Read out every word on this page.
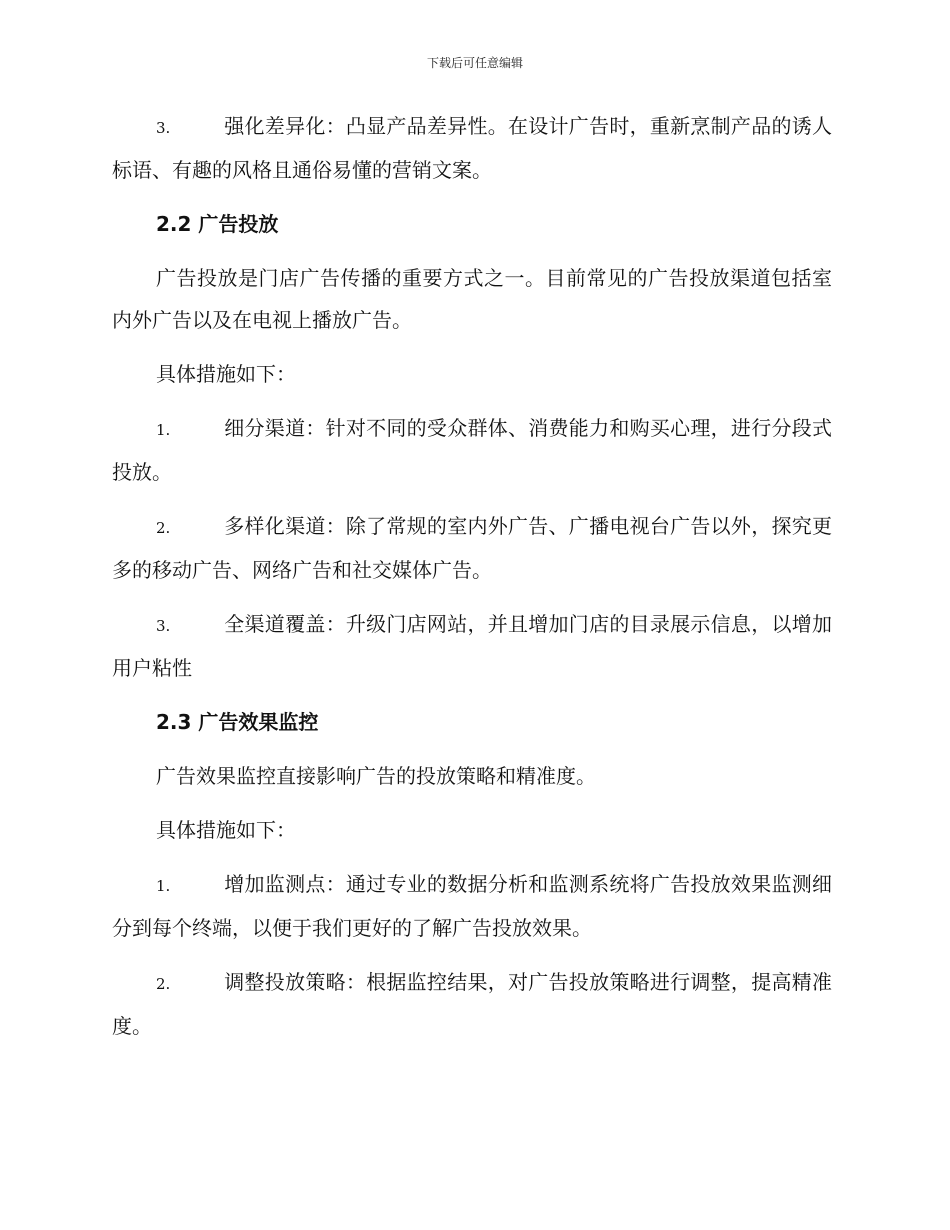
下载后可任意编辑
3.	强化差异化：凸显产品差异性。在设计广告时，重新烹制产品的诱人标语、有趣的风格且通俗易懂的营销文案。
2.2 广告投放
广告投放是门店广告传播的重要方式之一。目前常见的广告投放渠道包括室内外广告以及在电视上播放广告。
具体措施如下：
1.	细分渠道：针对不同的受众群体、消费能力和购买心理，进行分段式投放。
2.	多样化渠道：除了常规的室内外广告、广播电视台广告以外，探究更多的移动广告、网络广告和社交媒体广告。
3.	全渠道覆盖：升级门店网站，并且增加门店的目录展示信息，以增加用户粘性
2.3 广告效果监控
广告效果监控直接影响广告的投放策略和精准度。
具体措施如下：
1.	增加监测点：通过专业的数据分析和监测系统将广告投放效果监测细分到每个终端，以便于我们更好的了解广告投放效果。
2.	调整投放策略：根据监控结果，对广告投放策略进行调整，提高精准度。
